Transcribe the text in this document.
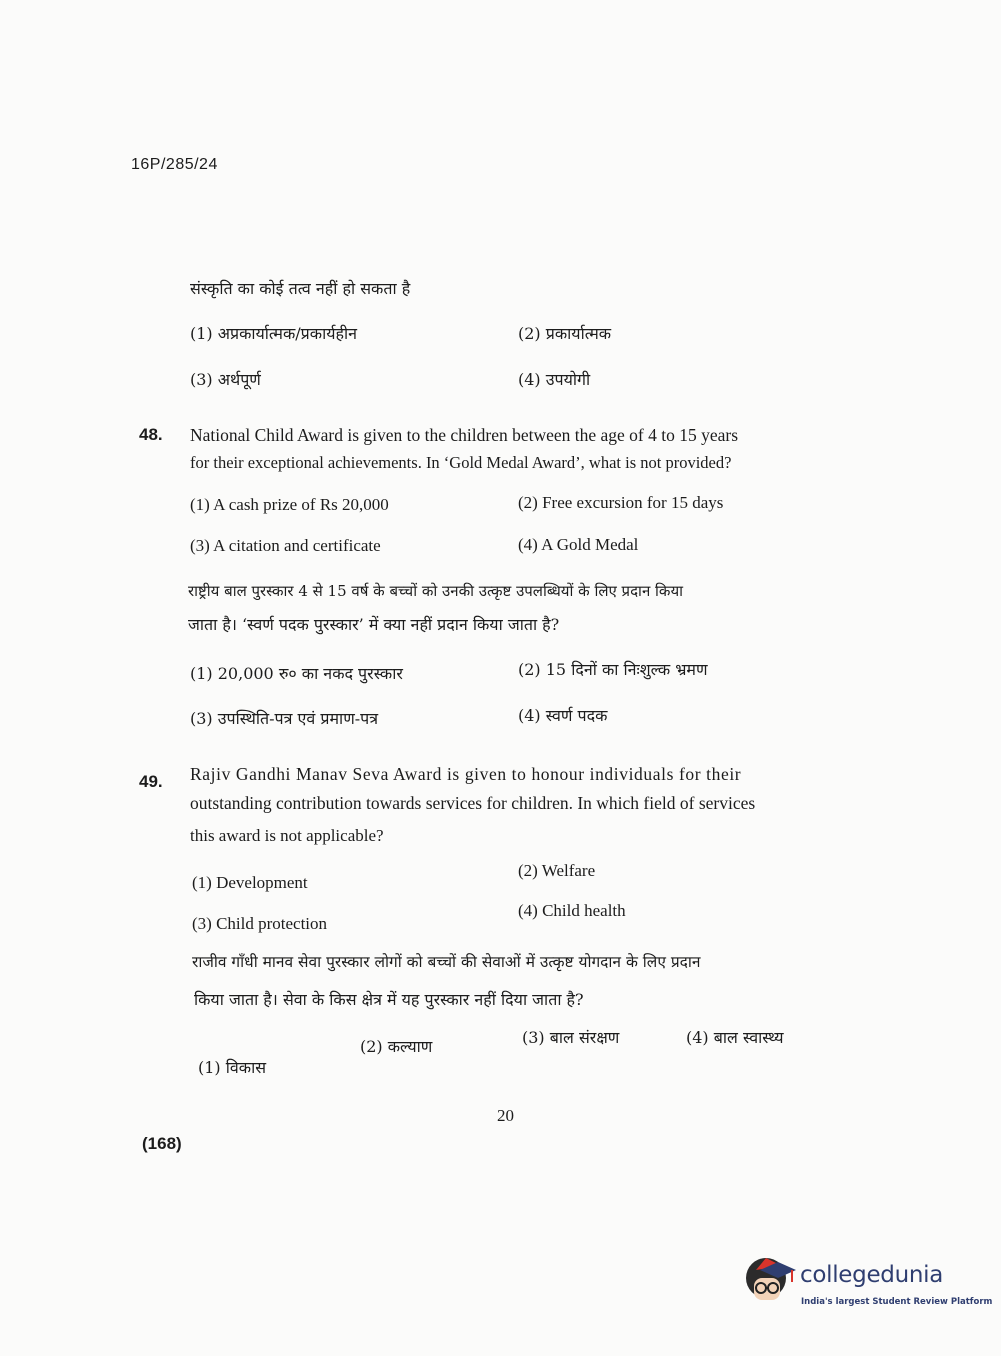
16P/285/24
संस्कृति का कोई तत्व नहीं हो सकता है
(1) अप्रकार्यात्मक/प्रकार्यहीन	(2) प्रकार्यात्मक
(3) अर्थपूर्ण	(4) उपयोगी
48. National Child Award is given to the children between the age of 4 to 15 years
for their exceptional achievements. In ‘Gold Medal Award’, what is not provided?
(1) A cash prize of Rs 20,000	(2) Free excursion for 15 days
(3) A citation and certificate	(4) A Gold Medal
राष्ट्रीय बाल पुरस्कार 4 से 15 वर्ष के बच्चों को उनकी उत्कृष्ट उपलब्धियों के लिए प्रदान किया
जाता है। ‘स्वर्ण पदक पुरस्कार’ में क्या नहीं प्रदान किया जाता है?
(1) 20,000 रु० का नकद पुरस्कार	(2) 15 दिनों का निःशुल्क भ्रमण
(3) उपस्थिति-पत्र एवं प्रमाण-पत्र	(4) स्वर्ण पदक
49. Rajiv Gandhi Manav Seva Award is given to honour individuals for their
outstanding contribution towards services for children. In which field of services
this award is not applicable?
(1) Development
(2) Welfare
(3) Child protection
(4) Child health
राजीव गाँधी मानव सेवा पुरस्कार लोगों को बच्चों की सेवाओं में उत्कृष्ट योगदान के लिए प्रदान
किया जाता है। सेवा के किस क्षेत्र में यह पुरस्कार नहीं दिया जाता है?
(1) विकास
(2) कल्याण	(3) बाल संरक्षण	(4) बाल स्वास्थ्य
20
(168)
collegedunia
India's largest Student Review Platform
